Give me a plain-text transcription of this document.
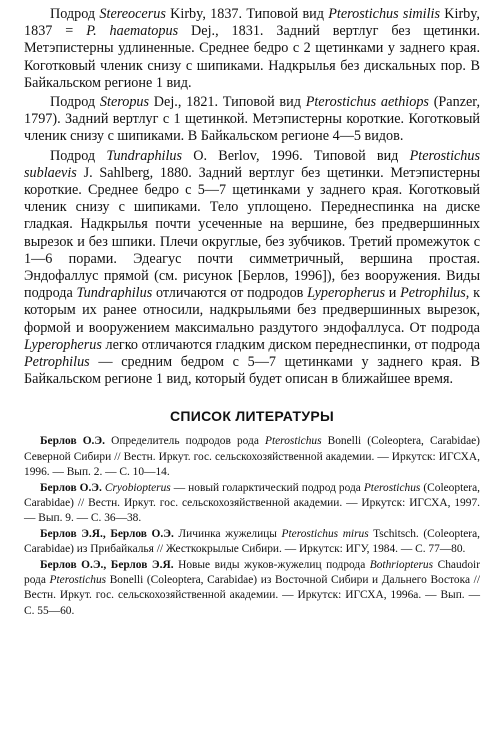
Подрод Stereocerus Kirby, 1837. Типовой вид Pterostichus similis Kirby, 1837 = P. haematopus Dej., 1831. Задний вертлуг без щетинки. Метэпистерны удлиненные. Среднее бедро с 2 щетинками у заднего края. Коготковый членик снизу с шипиками. Надкрылья без дискальных пор. В Байкальском регионе 1 вид.

Подрод Steropus Dej., 1821. Типовой вид Pterostichus aethiops (Panzer, 1797). Задний вертлуг с 1 щетинкой. Метэпистерны короткие. Коготковый членик снизу с шипиками. В Байкальском регионе 4—5 видов.

Подрод Tundraphilus O. Berlov, 1996. Типовой вид Pterostichus sublaevis J. Sahlberg, 1880. Задний вертлуг без щетинки. Метэпистерны короткие. Среднее бедро с 5—7 щетинками у заднего края. Коготковый членик снизу с шипиками. Тело уплощено. Переднеспинка на диске гладкая. Надкрылья почти усеченные на вершине, без предвершинных вырезок и без шпики. Плечи округлые, без зубчиков. Третий промежуток с 1—6 порами. Эдеагус почти симметричный, вершина простая. Эндофаллус прямой (см. рисунок [Берлов, 1996]), без вооружения. Виды подрода Tundraphilus отличаются от подродов Lyperopherus и Petrophilus, к которым их ранее относили, надкрыльями без предвершинных вырезок, формой и вооружением максимально раздутого эндофаллуса. От подрода Lyperopherus легко отличаются гладким диском переднеспинки, от подрода Petrophilus — средним бедром с 5—7 щетинками у заднего края. В Байкальском регионе 1 вид, который будет описан в ближайшее время.

СПИСОК ЛИТЕРАТУРЫ

Берлов О.Э. Определитель подродов рода Pterostichus Bonelli (Coleoptera, Carabidae) Северной Сибири // Вестн. Иркут. гос. сельскохозяйственной академии. — Иркутск: ИГСХА, 1996. — Вып. 2. — С. 10—14.

Берлов О.Э. Cryobiopterus — новый голарктический подрод рода Pterostichus (Coleoptera, Carabidae) // Вестн. Иркут. гос. сельскохозяйственной академии. — Иркутск: ИГСХА, 1997. — Вып. 9. — С. 36—38.

Берлов Э.Я., Берлов О.Э. Личинка жужелицы Pterostichus mirus Tschitsch. (Coleoptera, Carabidae) из Прибайкалья // Жесткокрылые Сибири. — Иркутск: ИГУ, 1984. — С. 77—80.

Берлов О.Э., Берлов Э.Я. Новые виды жуков-жужелиц подрода Bothriopterus Chaudoir рода Pterostichus Bonelli (Coleoptera, Carabidae) из Восточной Сибири и Дальнего Востока // Вестн. Иркут. гос. сельскохозяйственной академии. — Иркутск: ИГСХА, 1996а. — Вып. — С. 55—60.
